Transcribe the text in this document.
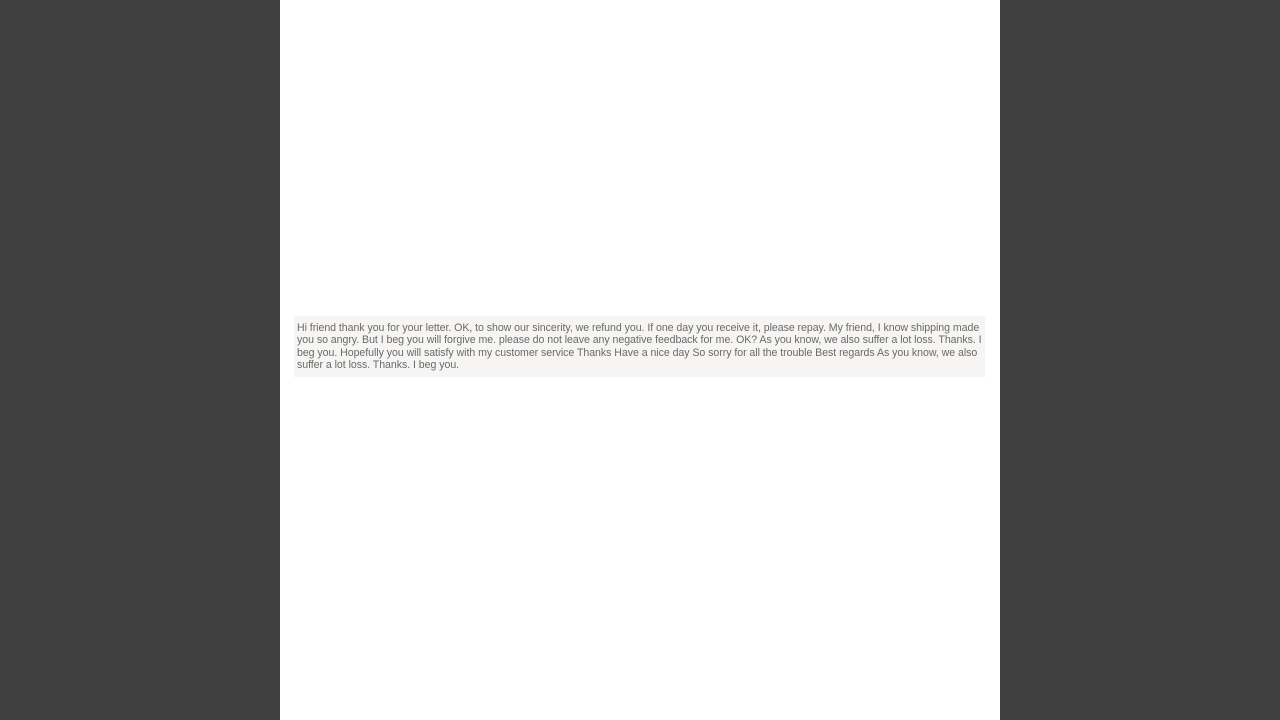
Hi friend thank you for your letter. OK, to show our sincerity, we refund you. If one day you receive it, please repay. My friend, I know shipping made you so angry. But I beg you will forgive me. please do not leave any negative feedback for me. OK? As you know, we also suffer a lot loss. Thanks. I beg you. Hopefully you will satisfy with my customer service Thanks Have a nice day So sorry for all the trouble Best regards As you know, we also suffer a lot loss. Thanks. I beg you.
